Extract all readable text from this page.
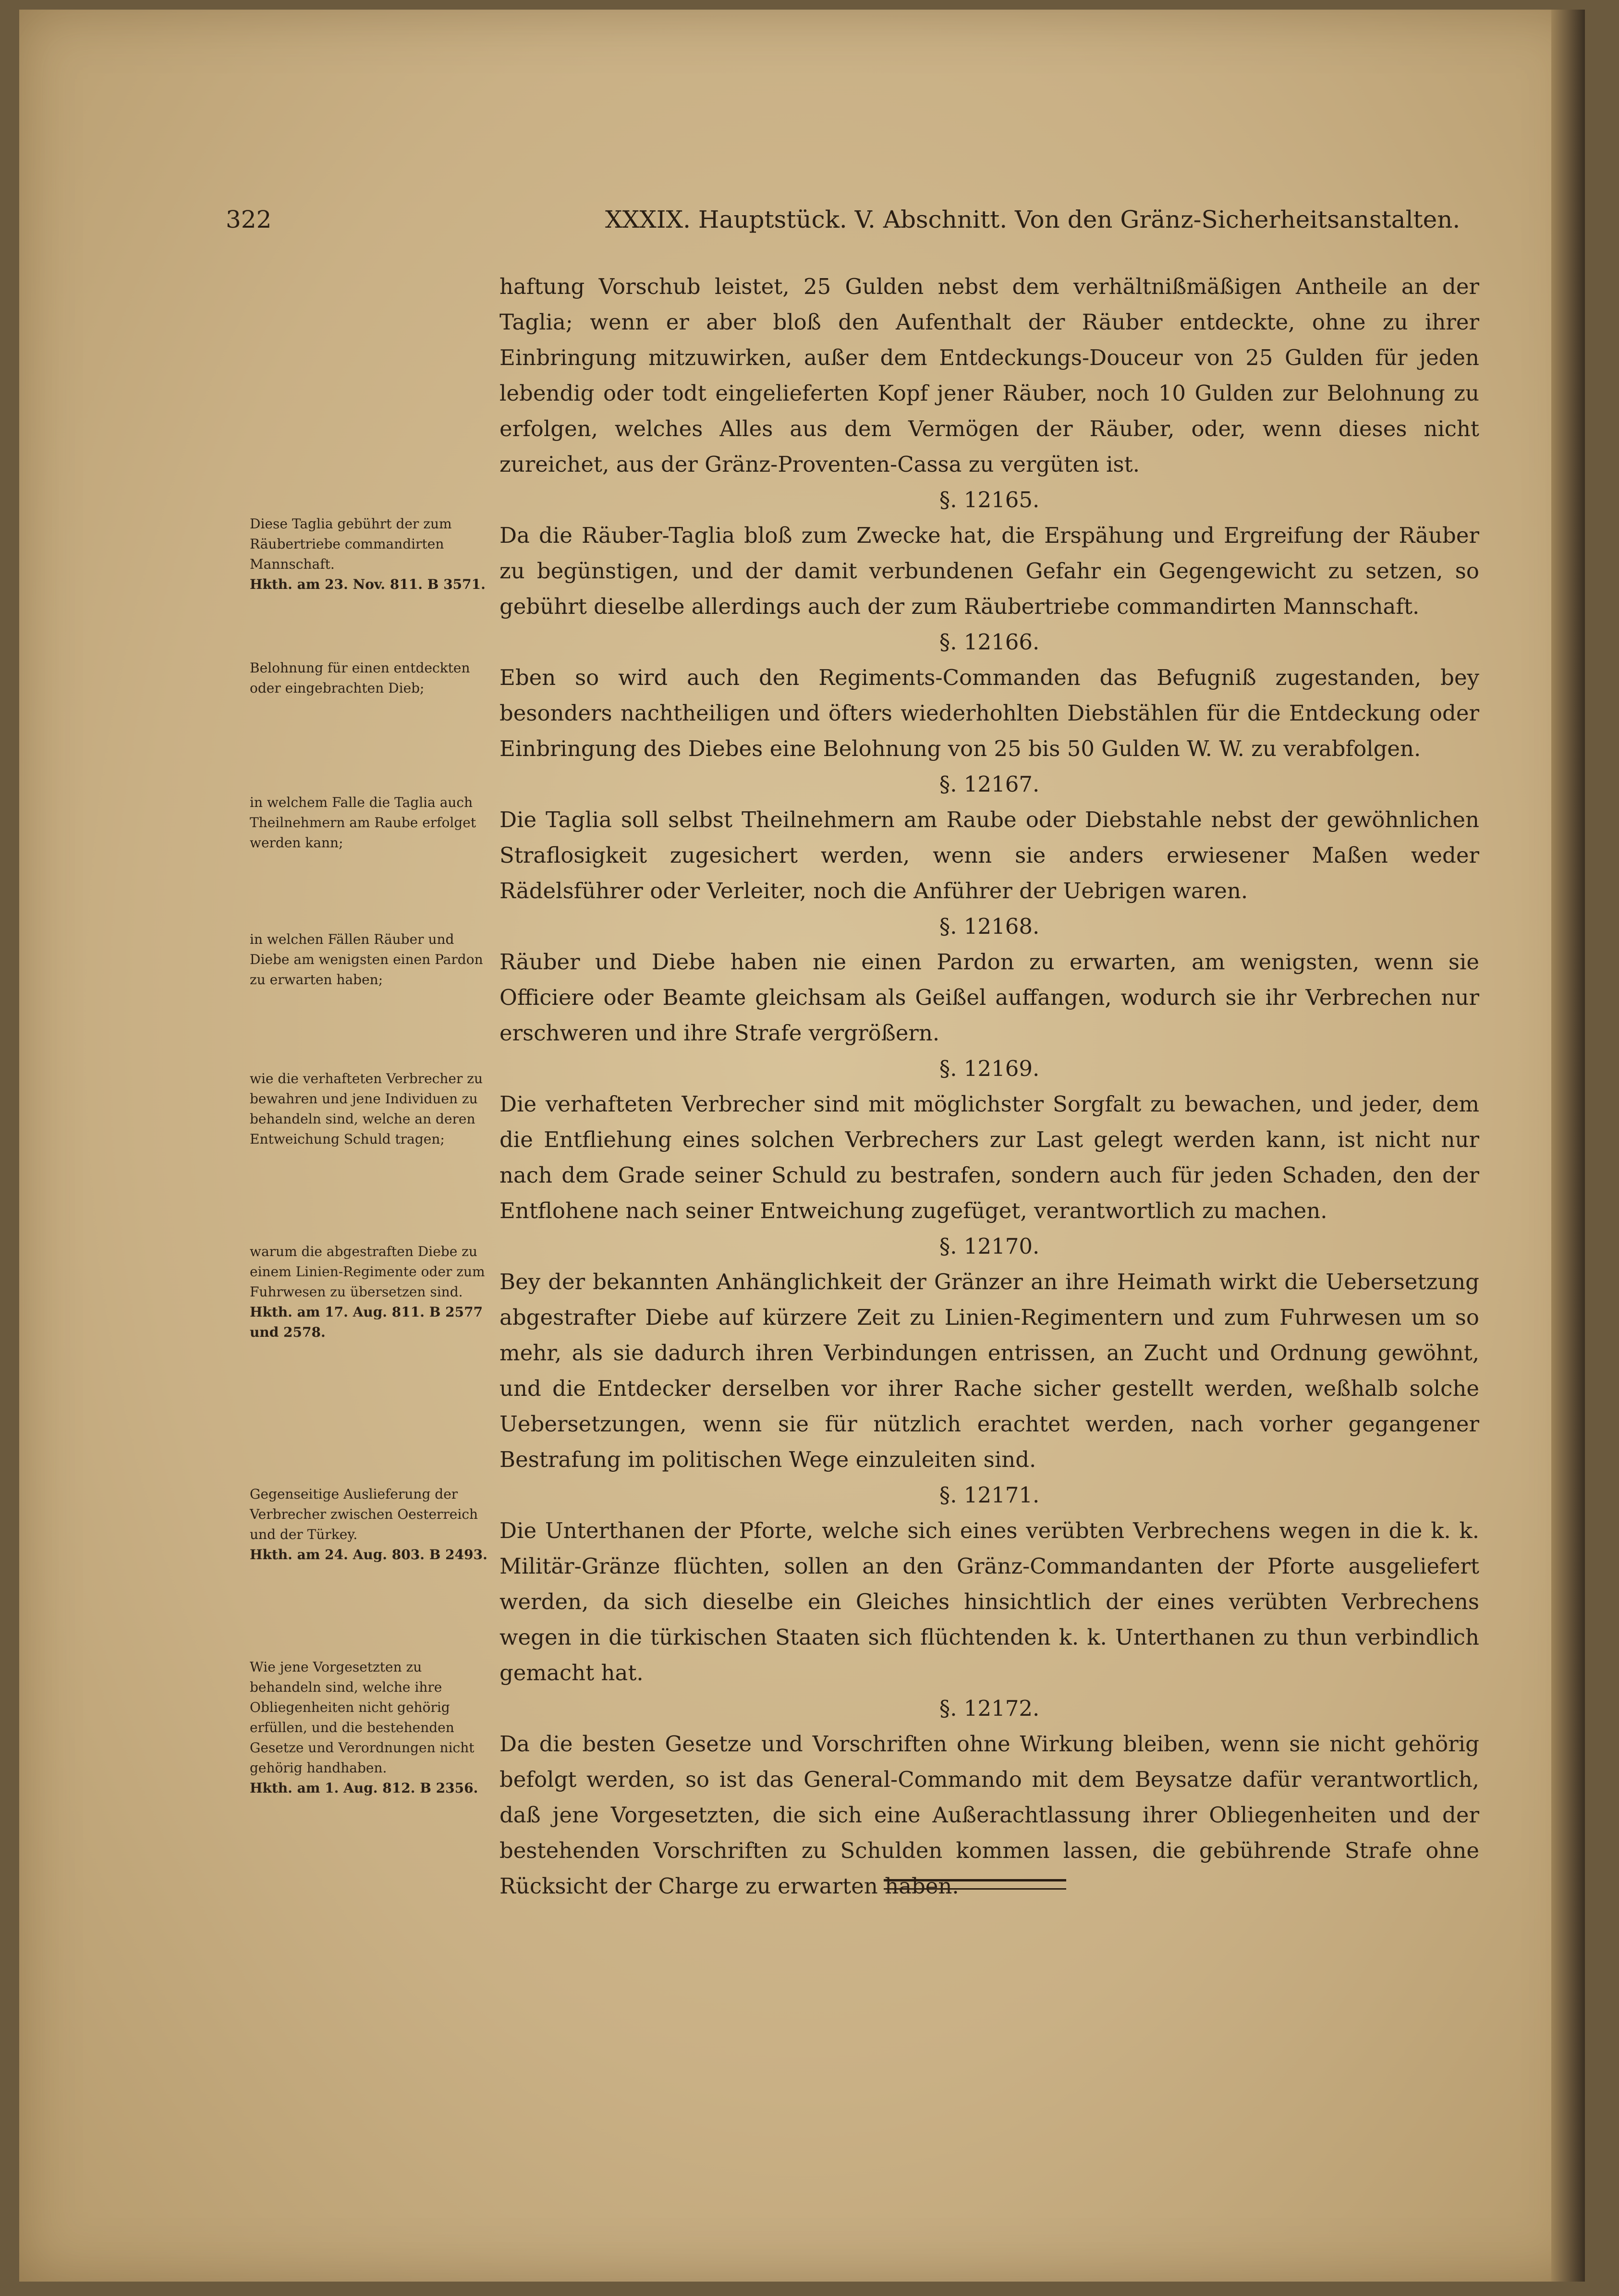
322	XXXIX. Hauptstück. V. Abschnitt. Von den Gränz-Sicherheitsanstalten.

haftung Vorschub leistet, 25 Gulden nebst dem verhältnißmäßigen Antheile an der Taglia; wenn er aber bloß den Aufenthalt der Räuber entdeckte, ohne zu ihrer Einbringung mitzuwirken, außer dem Entdeckungs-Douceur von 25 Gulden für jeden lebendig oder todt eingelieferten Kopf jener Räuber, noch 10 Gulden zur Belohnung zu erfolgen, welches Alles aus dem Vermögen der Räuber, oder, wenn dieses nicht zureichet, aus der Gränz-Proventen-Cassa zu vergüten ist.

§. 12165.

Da die Räuber-Taglia bloß zum Zwecke hat, die Erspähung und Ergreifung der Räuber zu begünstigen, und der damit verbundenen Gefahr ein Gegengewicht zu setzen, so gebührt dieselbe allerdings auch der zum Räubertriebe commandirten Mannschaft.

§. 12166.

Eben so wird auch den Regiments-Commanden das Befugniß zugestanden, bey besonders nachtheiligen und öfters wiederhohlten Diebstählen für die Entdeckung oder Einbringung des Diebes eine Belohnung von 25 bis 50 Gulden W. W. zu verabfolgen.

§. 12167.

Die Taglia soll selbst Theilnehmern am Raube oder Diebstahle nebst der gewöhnlichen Straflosigkeit zugesichert werden, wenn sie anders erwiesener Maßen weder Rädelsführer oder Verleiter, noch die Anführer der Uebrigen waren.

§. 12168.

Räuber und Diebe haben nie einen Pardon zu erwarten, am wenigsten, wenn sie Officiere oder Beamte gleichsam als Geißel auffangen, wodurch sie ihr Verbrechen nur erschweren und ihre Strafe vergrößern.

§. 12169.

Die verhafteten Verbrecher sind mit möglichster Sorgfalt zu bewachen, und jeder, dem die Entfliehung eines solchen Verbrechers zur Last gelegt werden kann, ist nicht nur nach dem Grade seiner Schuld zu bestrafen, sondern auch für jeden Schaden, den der Entflohene nach seiner Entweichung zugefüget, verantwortlich zu machen.

§. 12170.

Bey der bekannten Anhänglichkeit der Gränzer an ihre Heimath wirkt die Uebersetzung abgestrafter Diebe auf kürzere Zeit zu Linien-Regimentern und zum Fuhrwesen um so mehr, als sie dadurch ihren Verbindungen entrissen, an Zucht und Ordnung gewöhnt, und die Entdecker derselben vor ihrer Rache sicher gestellt werden, weßhalb solche Uebersetzungen, wenn sie für nützlich erachtet werden, nach vorher gegangener Bestrafung im politischen Wege einzuleiten sind.

§. 12171.

Die Unterthanen der Pforte, welche sich eines verübten Verbrechens wegen in die k. k. Militär-Gränze flüchten, sollen an den Gränz-Commandanten der Pforte ausgeliefert werden, da sich dieselbe ein Gleiches hinsichtlich der eines verübten Verbrechens wegen in die türkischen Staaten sich flüchtenden k. k. Unterthanen zu thun verbindlich gemacht hat.

§. 12172.

Da die besten Gesetze und Vorschriften ohne Wirkung bleiben, wenn sie nicht gehörig befolgt werden, so ist das General-Commando mit dem Beysatze dafür verantwortlich, daß jene Vorgesetzten, die sich eine Außerachtlassung ihrer Obliegenheiten und der bestehenden Vorschriften zu Schulden kommen lassen, die gebührende Strafe ohne Rücksicht der Charge zu erwarten haben.

Diese Taglia gebührt der zum Räubertriebe commandirten Mannschaft.
Hkth. am 23. Nov. 811. B 3571.
Belohnung für einen entdeckten oder eingebrachten Dieb;
in welchem Falle die Taglia auch Theilnehmern am Raube erfolget werden kann;
in welchen Fällen Räuber und Diebe am wenigsten einen Pardon zu erwarten haben;
wie die verhafteten Verbrecher zu bewahren und jene Individuen zu behandeln sind, welche an deren Entweichung Schuld tragen;
warum die abgestraften Diebe zu einem Linien-Regimente oder zum Fuhrwesen zu übersetzen sind.
Hkth. am 17. Aug. 811. B 2577 und 2578.
Gegenseitige Auslieferung der Verbrecher zwischen Oesterreich und der Türkey.
Hkth. am 24. Aug. 803. B 2493.
Wie jene Vorgesetzten zu behandeln sind, welche ihre Obliegenheiten nicht gehörig erfüllen, und die bestehenden Gesetze und Verordnungen nicht gehörig handhaben.
Hkth. am 1. Aug. 812. B 2356.
